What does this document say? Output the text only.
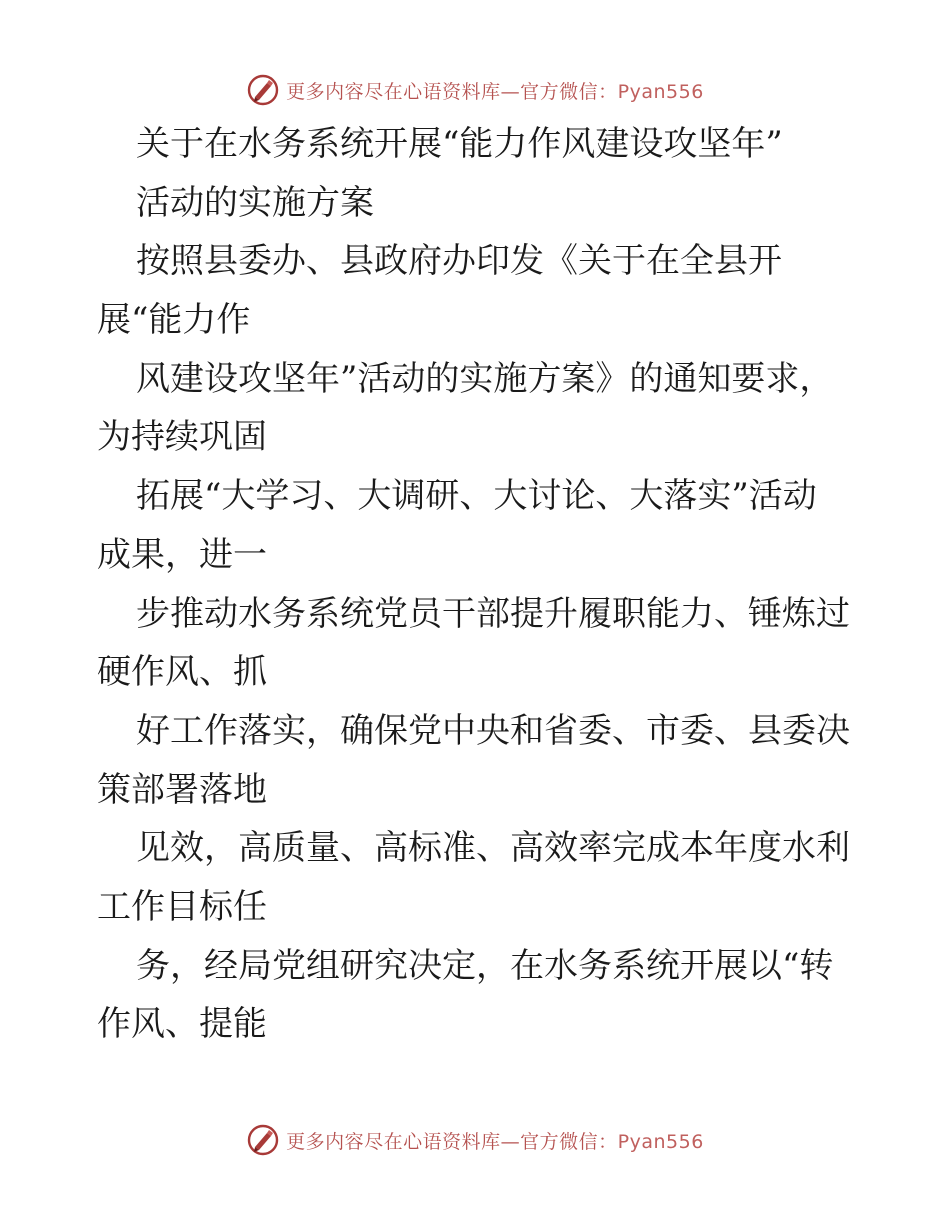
更多内容尽在心语资料库—官方微信：Pyan556
关于在水务系统开展“能力作风建设攻坚年”
活动的实施方案
按照县委办、县政府办印发《关于在全县开
展“能力作
风建设攻坚年”活动的实施方案》的通知要求，
为持续巩固
拓展“大学习、大调研、大讨论、大落实”活动
成果，进一
步推动水务系统党员干部提升履职能力、锤炼过
硬作风、抓
好工作落实，确保党中央和省委、市委、县委决
策部署落地
见效，高质量、高标准、高效率完成本年度水利
工作目标任
务，经局党组研究决定，在水务系统开展以“转
作风、提能
更多内容尽在心语资料库—官方微信：Pyan556
